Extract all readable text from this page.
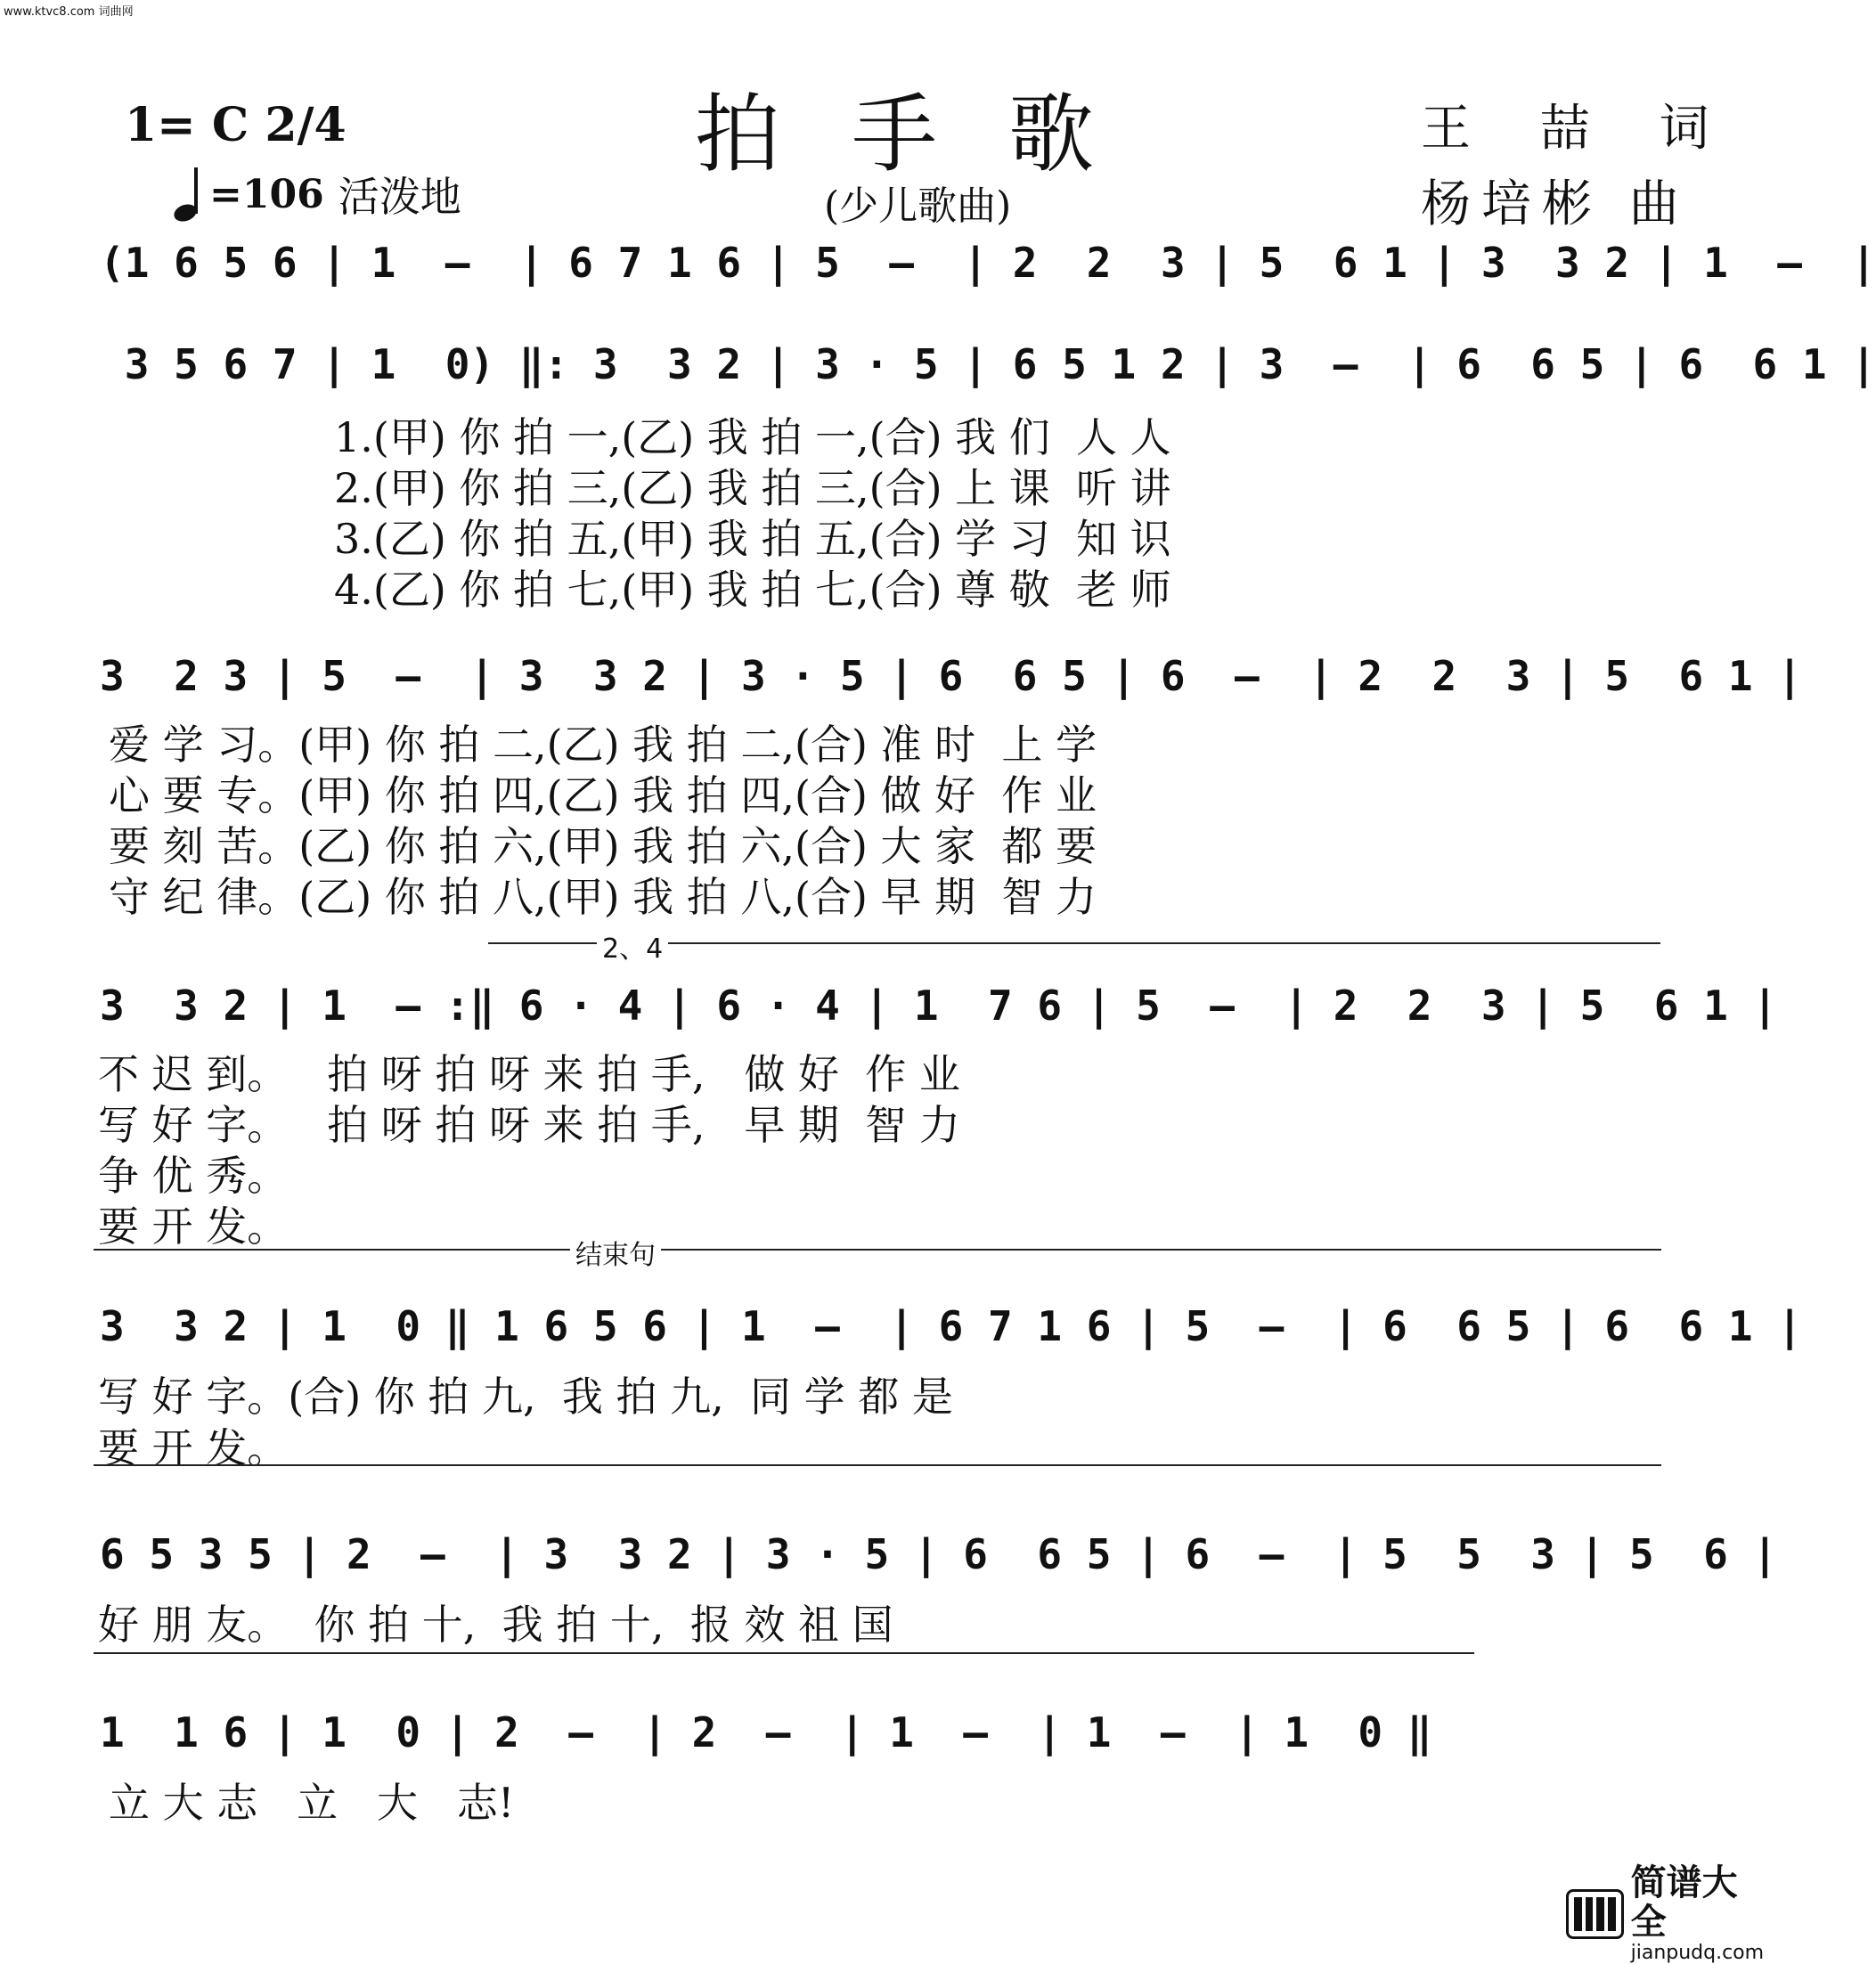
www.ktvc8.com 词曲网
1= C 2/4
=106 活泼地
拍手歌
(少儿歌曲)
王 喆 词
杨培彬 曲
(1 6 5 6 | 1  —  | 6 7 1 6 | 5  —  | 2  2  3 | 5  6 1 | 3  3 2 | 1  —  |
3 5 6 7 | 1  0) ‖: 3  3 2 | 3 · 5 | 6 5 1 2 | 3  —  | 6  6 5 | 6  6 1 |
1.(甲) 你 拍 一,(乙) 我 拍 一,(合) 我 们  人 人
2.(甲) 你 拍 三,(乙) 我 拍 三,(合) 上 课  听 讲
3.(乙) 你 拍 五,(甲) 我 拍 五,(合) 学 习  知 识
4.(乙) 你 拍 七,(甲) 我 拍 七,(合) 尊 敬  老 师
3  2 3 | 5  —  | 3  3 2 | 3 · 5 | 6  6 5 | 6  —  | 2  2  3 | 5  6 1 |
爱 学 习。(甲) 你 拍 二,(乙) 我 拍 二,(合) 准 时  上 学
心 要 专。(甲) 你 拍 四,(乙) 我 拍 四,(合) 做 好  作 业
要 刻 苦。(乙) 你 拍 六,(甲) 我 拍 六,(合) 大 家  都 要
守 纪 律。(乙) 你 拍 八,(甲) 我 拍 八,(合) 早 期  智 力
2、4
3  3 2 | 1  — :‖ 6 · 4 | 6 · 4 | 1  7 6 | 5  —  | 2  2  3 | 5  6 1 |
不 迟 到。   拍 呀 拍 呀 来 拍 手,   做 好  作 业
写 好 字。   拍 呀 拍 呀 来 拍 手,   早 期  智 力
争 优 秀。
要 开 发。
结束句
3  3 2 | 1  0 ‖ 1 6 5 6 | 1  —  | 6 7 1 6 | 5  —  | 6  6 5 | 6  6 1 |
写 好 字。(合) 你 拍 九,  我 拍 九,  同 学 都 是
要 开 发。
6 5 3 5 | 2  —  | 3  3 2 | 3 · 5 | 6  6 5 | 6  —  | 5  5  3 | 5  6 |
好 朋 友。  你 拍 十,  我 拍 十,  报 效 祖 国
1  1 6 | 1  0 | 2  —  | 2  —  | 1  —  | 1  —  | 1  0 ‖
立 大 志   立   大   志!
简谱大全
jianpudq.com
